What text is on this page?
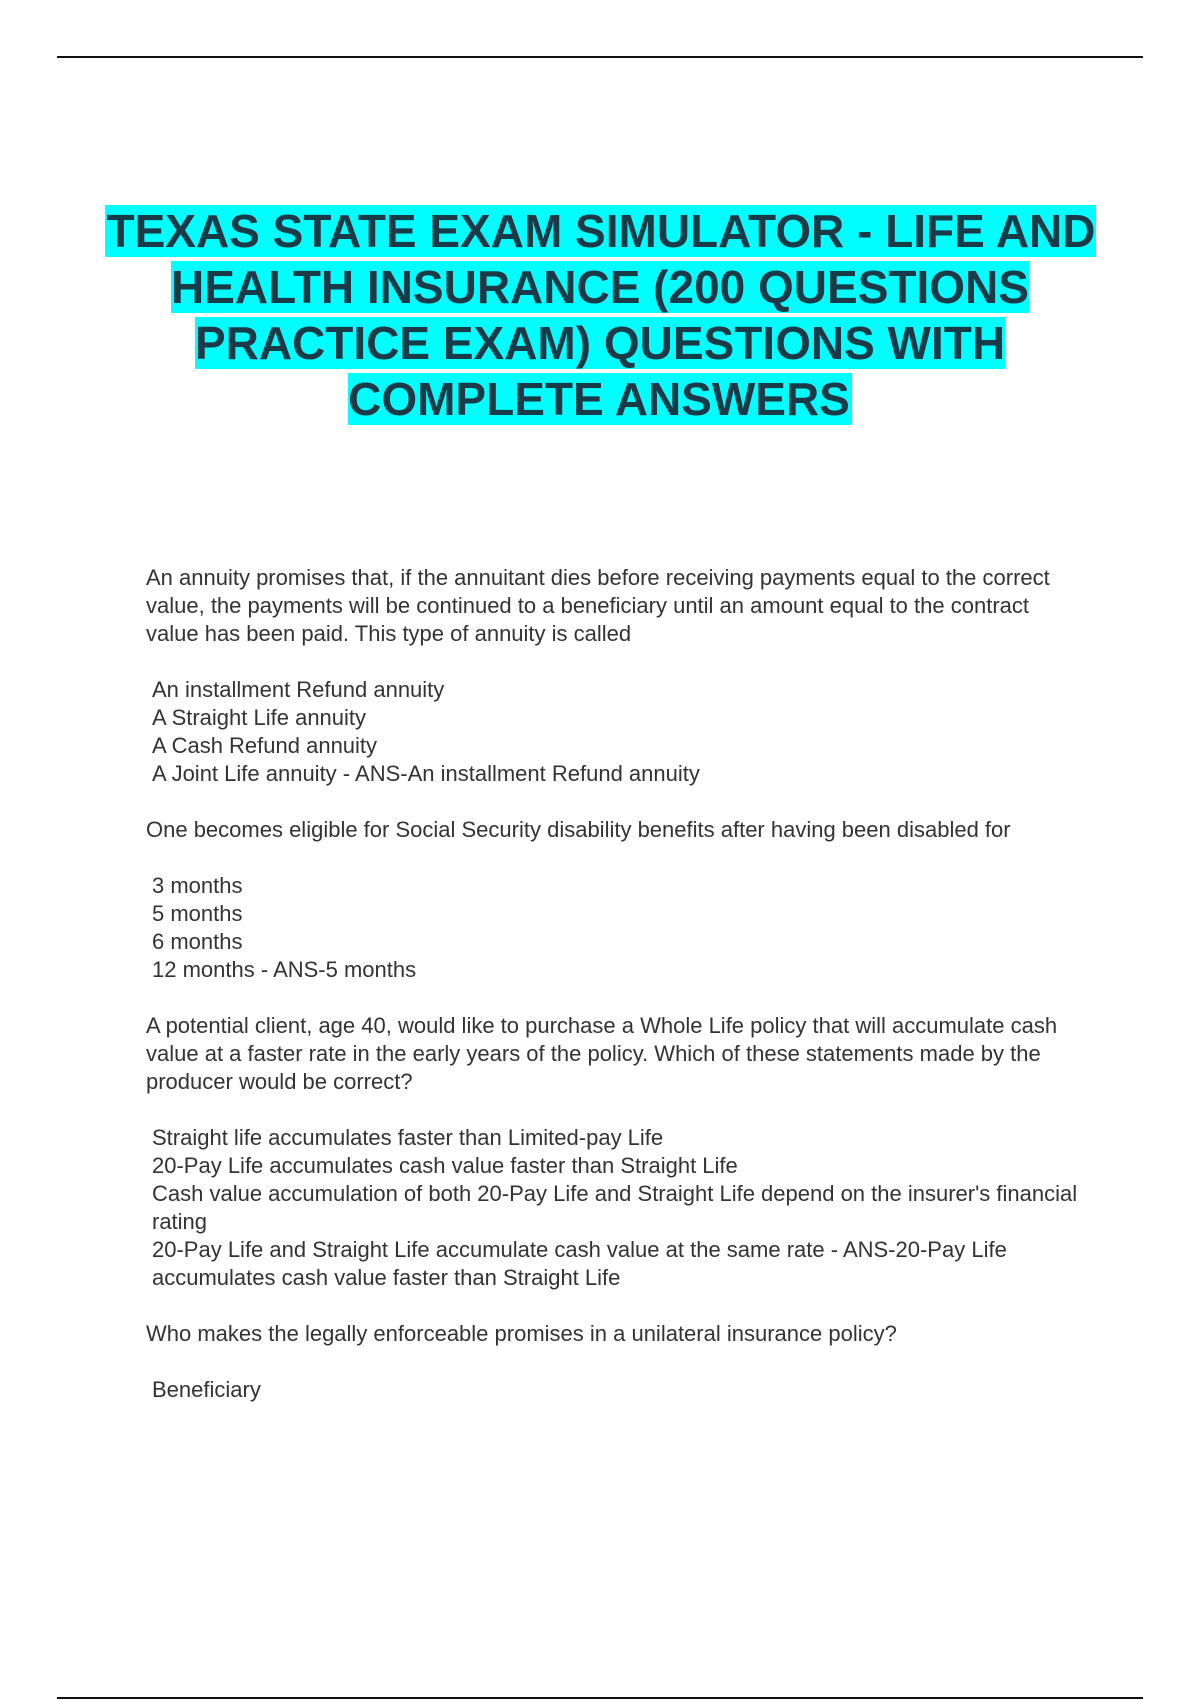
TEXAS STATE EXAM SIMULATOR - LIFE AND HEALTH INSURANCE (200 QUESTIONS PRACTICE EXAM) QUESTIONS WITH COMPLETE ANSWERS

An annuity promises that, if the annuitant dies before receiving payments equal to the correct value, the payments will be continued to a beneficiary until an amount equal to the contract value has been paid. This type of annuity is called

An installment Refund annuity

A Straight Life annuity

A Cash Refund annuity

A Joint Life annuity - ANS-An installment Refund annuity

One becomes eligible for Social Security disability benefits after having been disabled for

3 months

5 months

6 months

12 months - ANS-5 months

A potential client, age 40, would like to purchase a Whole Life policy that will accumulate cash value at a faster rate in the early years of the policy. Which of these statements made by the producer would be correct?

Straight life accumulates faster than Limited-pay Life

20-Pay Life accumulates cash value faster than Straight Life

Cash value accumulation of both 20-Pay Life and Straight Life depend on the insurer's financial rating

20-Pay Life and Straight Life accumulate cash value at the same rate - ANS-20-Pay Life accumulates cash value faster than Straight Life

Who makes the legally enforceable promises in a unilateral insurance policy?

Beneficiary
